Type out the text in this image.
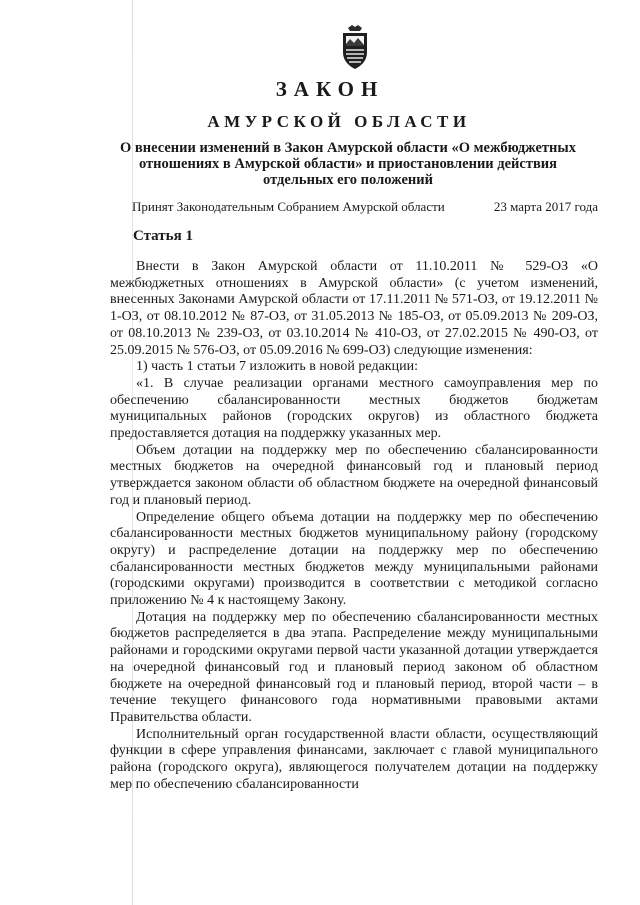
ЗАКОН
АМУРСКОЙ ОБЛАСТИ
О внесении изменений в Закон Амурской области «О межбюджетных
отношениях в Амурской области» и приостановлении действия
отдельных его положений
Принят Законодательным Собранием Амурской области	23 марта 2017 года
Статья 1

Внести в Закон Амурской области от 11.10.2011 № 529-ОЗ «О межбюджетных отношениях в Амурской области» (с учетом изменений, внесенных Законами Амурской области от 17.11.2011 № 571-ОЗ, от 19.12.2011 № 1-ОЗ, от 08.10.2012 № 87-ОЗ, от 31.05.2013 № 185-ОЗ, от 05.09.2013 № 209-ОЗ, от 08.10.2013 № 239-ОЗ, от 03.10.2014 № 410-ОЗ, от 27.02.2015 № 490-ОЗ, от 25.09.2015 № 576-ОЗ, от 05.09.2016 № 699-ОЗ) следующие изменения:

1) часть 1 статьи 7 изложить в новой редакции:

«1. В случае реализации органами местного самоуправления мер по обеспечению сбалансированности местных бюджетов бюджетам муниципальных районов (городских округов) из областного бюджета предоставляется дотация на поддержку указанных мер.

Объем дотации на поддержку мер по обеспечению сбалансированности местных бюджетов на очередной финансовый год и плановый период утверждается законом области об областном бюджете на очередной финансовый год и плановый период.

Определение общего объема дотации на поддержку мер по обеспечению сбалансированности местных бюджетов муниципальному району (городскому округу) и распределение дотации на поддержку мер по обеспечению сбалансированности местных бюджетов между муниципальными районами (городскими округами) производится в соответствии с методикой согласно приложению № 4 к настоящему Закону.

Дотация на поддержку мер по обеспечению сбалансированности местных бюджетов распределяется в два этапа. Распределение между муниципальными районами и городскими округами первой части указанной дотации утверждается на очередной финансовый год и плановый период законом об областном бюджете на очередной финансовый год и плановый период, второй части – в течение текущего финансового года нормативными правовыми актами Правительства области.

Исполнительный орган государственной власти области, осуществляющий функции в сфере управления финансами, заключает с главой муниципального района (городского округа), являющегося получателем дотации на поддержку мер по обеспечению сбалансированности
